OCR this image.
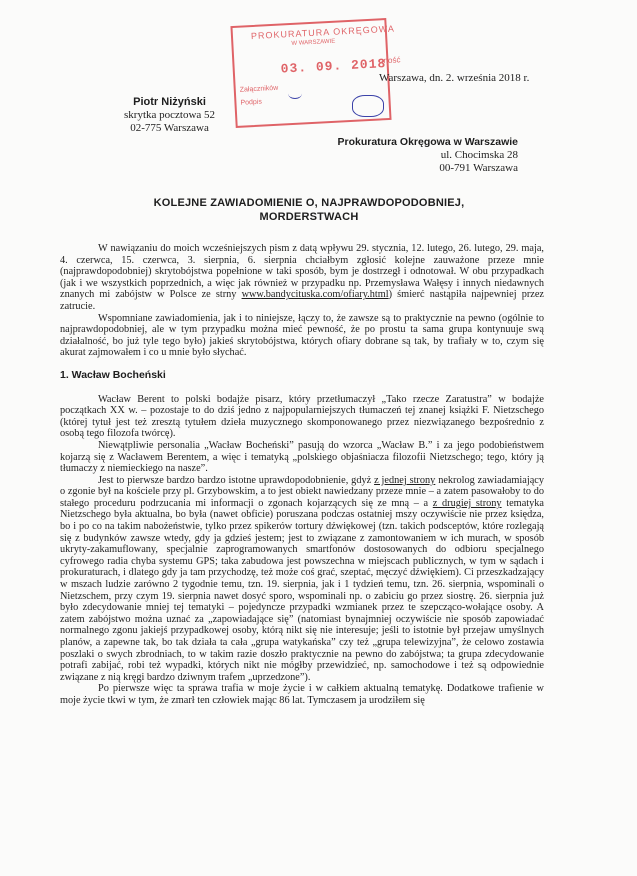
PROKURATURA OKRĘGOWA
W WARSZAWIE
03. 09. 2018
Załączników
Podpis
-ność
Warszawa, dn. 2. września 2018 r.
Piotr Niżyński
skrytka pocztowa 52
02-775 Warszawa
Prokuratura Okręgowa w Warszawie
ul. Chocimska 28
00-791 Warszawa
KOLEJNE ZAWIADOMIENIE O, NAJPRAWDOPODOBNIEJ,
MORDERSTWACH

W nawiązaniu do moich wcześniejszych pism z datą wpływu 29. stycznia, 12. lutego, 26. lutego, 29. maja, 4. czerwca, 15. czerwca, 3. sierpnia, 6. sierpnia chciałbym zgłosić kolejne zauważone przeze mnie (najprawdopodobniej) skrytobójstwa popełnione w taki sposób, bym je dostrzegł i odnotował. W obu przypadkach (jak i we wszystkich poprzednich, a więc jak również w przypadku np. Przemysława Wałęsy i innych niedawnych znanych mi zabójstw w Polsce ze strny www.bandycituska.com/ofiary.html) śmierć nastąpiła najpewniej przez zatrucie.

Wspomniane zawiadomienia, jak i to niniejsze, łączy to, że zawsze są to praktycznie na pewno (ogólnie to najprawdopodobniej, ale w tym przypadku można mieć pewność, że po prostu ta sama grupa kontynuuje swą działalność, bo już tyle tego było) jakieś skrytobójstwa, których ofiary dobrane są tak, by trafiały w to, czym się akurat zajmowałem i co u mnie było słychać.

1. Wacław Bocheński

Wacław Berent to polski bodajże pisarz, który przetłumaczył „Tako rzecze Zaratustra” w bodajże początkach XX w. – pozostaje to do dziś jedno z najpopularniejszych tłumaczeń tej znanej książki F. Nietzschego (której tytuł jest też zresztą tytułem dzieła muzycznego skomponowanego przez niezwiązanego bezpośrednio z osobą tego filozofa twórcę).

Niewątpliwie personalia „Wacław Bocheński” pasują do wzorca „Wacław B.” i za jego podobieństwem kojarzą się z Wacławem Berentem, a więc i tematyką „polskiego objaśniacza filozofii Nietzschego; tego, który ją tłumaczy z niemieckiego na nasze”.

Jest to pierwsze bardzo bardzo istotne uprawdopodobnienie, gdyż z jednej strony nekrolog zawiadamiający o zgonie był na kościele przy pl. Grzybowskim, a to jest obiekt nawiedzany przeze mnie – a zatem pasowałoby to do stałego proceduru podrzucania mi informacji o zgonach kojarzących się ze mną – a z drugiej strony tematyka Nietzschego była aktualna, bo była (nawet obficie) poruszana podczas ostatniej mszy oczywiście nie przez księdza, bo i po co na takim nabożeństwie, tylko przez spikerów tortury dźwiękowej (tzn. takich podsceptów, które rozlegają się z budynków zawsze wtedy, gdy ja gdzieś jestem; jest to związane z zamontowaniem w ich murach, w sposób ukryty-zakamuflowany, specjalnie zaprogramowanych smartfonów dostosowanych do odbioru specjalnego cyfrowego radia chyba systemu GPS; taka zabudowa jest powszechna w miejscach publicznych, w tym w sądach i prokuraturach, i dlatego gdy ja tam przychodzę, też może coś grać, szeptać, męczyć dźwiękiem). Ci przeszkadzający w mszach ludzie zarówno 2 tygodnie temu, tzn. 19. sierpnia, jak i 1 tydzień temu, tzn. 26. sierpnia, wspominali o Nietzschem, przy czym 19. sierpnia nawet dosyć sporo, wspominali np. o zabiciu go przez siostrę. 26. sierpnia już było zdecydowanie mniej tej tematyki – pojedyncze przypadki wzmianek przez te szepcząco-wołające osoby. A zatem zabójstwo można uznać za „zapowiadające się” (natomiast bynajmniej oczywiście nie sposób zapowiadać normalnego zgonu jakiejś przypadkowej osoby, którą nikt się nie interesuje; jeśli to istotnie był przejaw umyślnych planów, a zapewne tak, bo tak działa ta cała „grupa watykańska” czy też „grupa telewizyjna”, że celowo zostawia poszlaki o swych zbrodniach, to w takim razie doszło praktycznie na pewno do zabójstwa; ta grupa zdecydowanie potrafi zabijać, robi też wypadki, których nikt nie mógłby przewidzieć, np. samochodowe i też są odpowiednie związane z nią kręgi bardzo dziwnym trafem „uprzedzone”).

Po pierwsze więc ta sprawa trafia w moje życie i w całkiem aktualną tematykę. Dodatkowe trafienie w moje życie tkwi w tym, że zmarł ten człowiek mając 86 lat. Tymczasem ja urodziłem się
